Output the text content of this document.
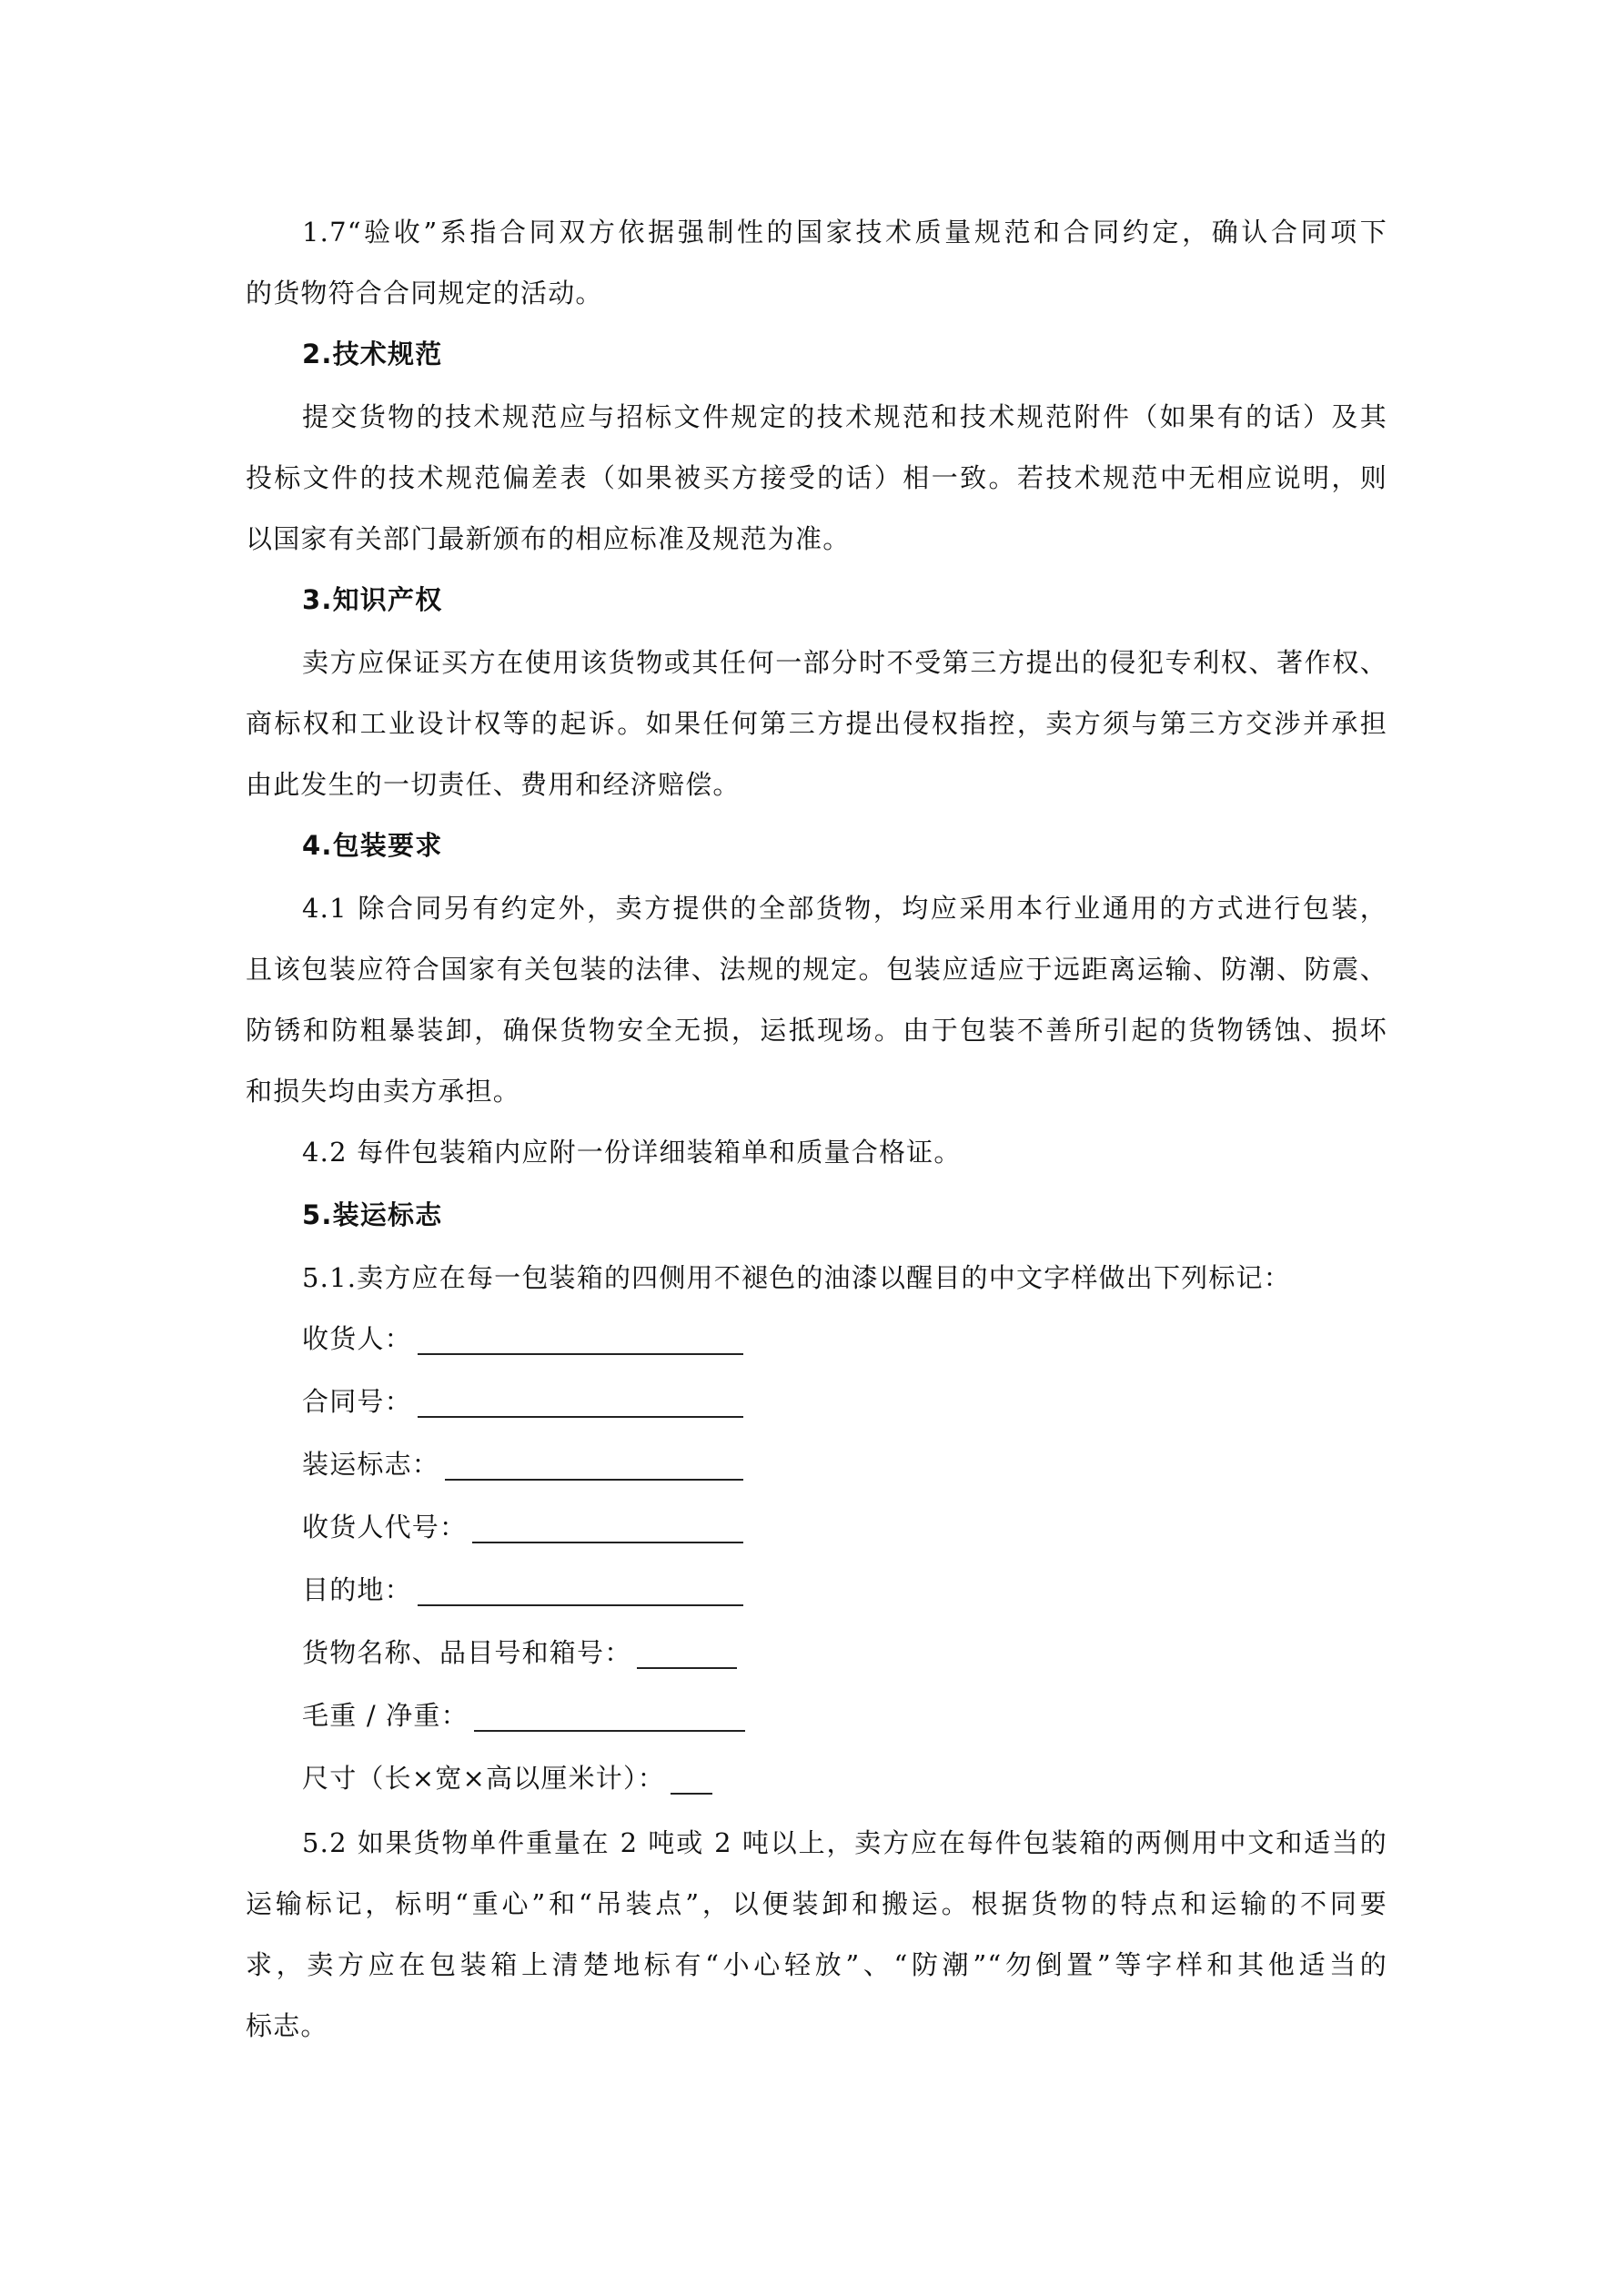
1.7“验收”系指合同双方依据强制性的国家技术质量规范和合同约定，确认合同项下
的货物符合合同规定的活动。
2.技术规范
提交货物的技术规范应与招标文件规定的技术规范和技术规范附件（如果有的话）及其
投标文件的技术规范偏差表（如果被买方接受的话）相一致。若技术规范中无相应说明，则
以国家有关部门最新颁布的相应标准及规范为准。
3.知识产权
卖方应保证买方在使用该货物或其任何一部分时不受第三方提出的侵犯专利权、著作权、
商标权和工业设计权等的起诉。如果任何第三方提出侵权指控，卖方须与第三方交涉并承担
由此发生的一切责任、费用和经济赔偿。
4.包装要求
4.1 除合同另有约定外，卖方提供的全部货物，均应采用本行业通用的方式进行包装，
且该包装应符合国家有关包装的法律、法规的规定。包装应适应于远距离运输、防潮、防震、
防锈和防粗暴装卸，确保货物安全无损，运抵现场。由于包装不善所引起的货物锈蚀、损坏
和损失均由卖方承担。
4.2 每件包装箱内应附一份详细装箱单和质量合格证。
5.装运标志
5.1.卖方应在每一包装箱的四侧用不褪色的油漆以醒目的中文字样做出下列标记：
收货人：
合同号：
装运标志：
收货人代号：
目的地：
货物名称、品目号和箱号：
毛重 / 净重：
尺寸（长×宽×高以厘米计）：
5.2 如果货物单件重量在 2 吨或 2 吨以上，卖方应在每件包装箱的两侧用中文和适当的
运输标记，标明“重心”和“吊装点”，以便装卸和搬运。根据货物的特点和运输的不同要
求，卖方应在包装箱上清楚地标有“小心轻放”、“防潮”“勿倒置”等字样和其他适当的
标志。
